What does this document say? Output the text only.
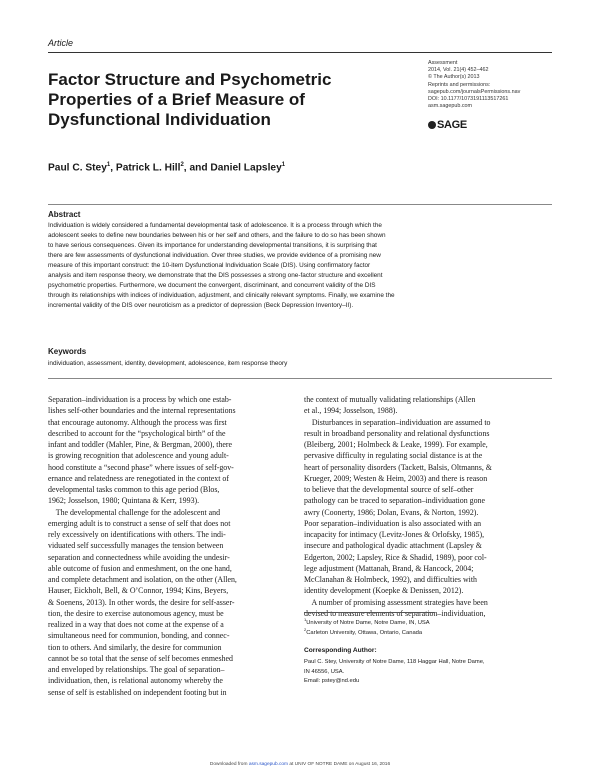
Article
Factor Structure and Psychometric Properties of a Brief Measure of Dysfunctional Individuation
Assessment
2014, Vol. 21(4) 452–462
© The Author(s) 2013
Reprints and permissions:
sagepub.com/journalsPermissions.nav
DOI: 10.1177/1073191113517261
asm.sagepub.com
SAGE
Paul C. Stey$^1$, Patrick L. Hill$^2$, and Daniel Lapsley$^1$
Abstract

Individuation is widely considered a fundamental developmental task of adolescence. It is a process through which the
adolescent seeks to define new boundaries between his or her self and others, and the failure to do so has been shown
to have serious consequences. Given its importance for understanding developmental transitions, it is surprising that
there are few assessments of dysfunctional individuation. Over three studies, we provide evidence of a promising new
measure of this important construct: the 10-item Dysfunctional Individuation Scale (DIS). Using confirmatory factor
analysis and item response theory, we demonstrate that the DIS possesses a strong one-factor structure and excellent
psychometric properties. Furthermore, we document the convergent, discriminant, and concurrent validity of the DIS
through its relationships with indices of individuation, adjustment, and clinically relevant symptoms. Finally, we examine the
incremental validity of the DIS over neuroticism as a predictor of depression (Beck Depression Inventory–II).

Keywords
individuation, assessment, identity, development, adolescence, item response theory
Separation–individuation is a process by which one estab-
lishes self-other boundaries and the internal representations
that encourage autonomy. Although the process was first
described to account for the “psychological birth” of the
infant and toddler (Mahler, Pine, & Bergman, 2000), there
is growing recognition that adolescence and young adult-
hood constitute a “second phase” where issues of self-gov-
ernance and relatedness are renegotiated in the context of
developmental tasks common to this age period (Blos,
1962; Josselson, 1980; Quintana & Kerr, 1993).
The developmental challenge for the adolescent and
emerging adult is to construct a sense of self that does not
rely excessively on identifications with others. The indi-
viduated self successfully manages the tension between
separation and connectedness while avoiding the undesir-
able outcome of fusion and enmeshment, on the one hand,
and complete detachment and isolation, on the other (Allen,
Hauser, Eickholt, Bell, & O’Connor, 1994; Kins, Beyers,
& Soenens, 2013). In other words, the desire for self-asser-
tion, the desire to exercise autonomous agency, must be
realized in a way that does not come at the expense of a
simultaneous need for communion, bonding, and connec-
tion to others. And similarly, the desire for communion
cannot be so total that the sense of self becomes enmeshed
and enveloped by relationships. The goal of separation–
individuation, then, is relational autonomy whereby the
sense of self is established on independent footing but in
the context of mutually validating relationships (Allen
et al., 1994; Josselson, 1988).
Disturbances in separation–individuation are assumed to
result in broadband personality and relational dysfunctions
(Bleiberg, 2001; Holmbeck & Leake, 1999). For example,
pervasive difficulty in regulating social distance is at the
heart of personality disorders (Tackett, Balsis, Oltmanns, &
Krueger, 2009; Westen & Heim, 2003) and there is reason
to believe that the developmental source of self–other
pathology can be traced to separation–individuation gone
awry (Coonerty, 1986; Dolan, Evans, & Norton, 1992).
Poor separation–individuation is also associated with an
incapacity for intimacy (Levitz-Jones & Orlofsky, 1985),
insecure and pathological dyadic attachment (Lapsley &
Edgerton, 2002; Lapsley, Rice & Shadid, 1989), poor col-
lege adjustment (Mattanah, Brand, & Hancock, 2004;
McClanahan & Holmbeck, 1992), and difficulties with
identity development (Koepke & Denissen, 2012).
A number of promising assessment strategies have been
devised to measure elements of separation–individuation,
$^1$University of Notre Dame, Notre Dame, IN, USA
$^2$Carleton University, Ottawa, Ontario, Canada
Corresponding Author:
Paul C. Stey, University of Notre Dame, 118 Haggar Hall, Notre Dame,
IN 46556, USA.
Email: pstey@nd.edu
Downloaded from asm.sagepub.com at UNIV OF NOTRE DAME on August 16, 2016
